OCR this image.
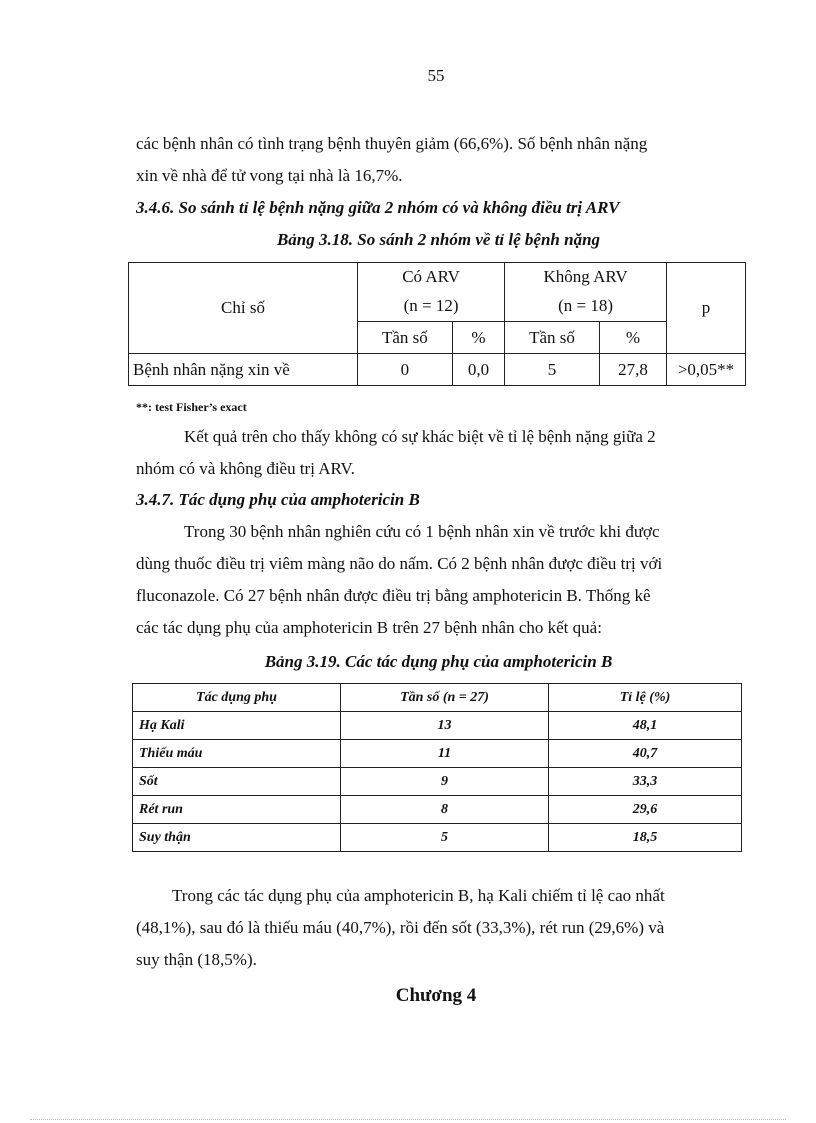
55
các bệnh nhân có tình trạng bệnh thuyên giảm (66,6%). Số bệnh nhân nặng
xin về nhà để tử vong tại nhà là 16,7%.
3.4.6. So sánh tỉ lệ bệnh nặng giữa 2 nhóm có và không điều trị ARV
Bảng 3.18. So sánh 2 nhóm về tỉ lệ bệnh nặng
Chỉ số	Có ARV		Không ARV		p
	(n = 12)		(n = 18)		
	Tần số	%	Tần số	%	
Bệnh nhân nặng xin về	0	0,0	5	27,8	>0,05**
**: test Fisher’s exact
Kết quả trên cho thấy không có sự khác biệt về tỉ lệ bệnh nặng giữa 2
nhóm có và không điều trị ARV.
3.4.7. Tác dụng phụ của amphotericin B
Trong 30 bệnh nhân nghiên cứu có 1 bệnh nhân xin về trước khi được
dùng thuốc điều trị viêm màng não do nấm. Có 2 bệnh nhân được điều trị với
fluconazole. Có 27 bệnh nhân được điều trị bằng amphotericin B. Thống kê
các tác dụng phụ của amphotericin B trên 27 bệnh nhân cho kết quả:
Bảng 3.19. Các tác dụng phụ của amphotericin B
Tác dụng phụ	Tần số (n = 27)	Tỉ lệ (%)
Hạ Kali	13	48,1
Thiếu máu	11	40,7
Sốt	9	33,3
Rét run	8	29,6
Suy thận	5	18,5
Trong các tác dụng phụ của amphotericin B, hạ Kali chiếm tỉ lệ cao nhất
(48,1%), sau đó là thiếu máu (40,7%), rồi đến sốt (33,3%), rét run (29,6%) và
suy thận (18,5%).
Chương 4
